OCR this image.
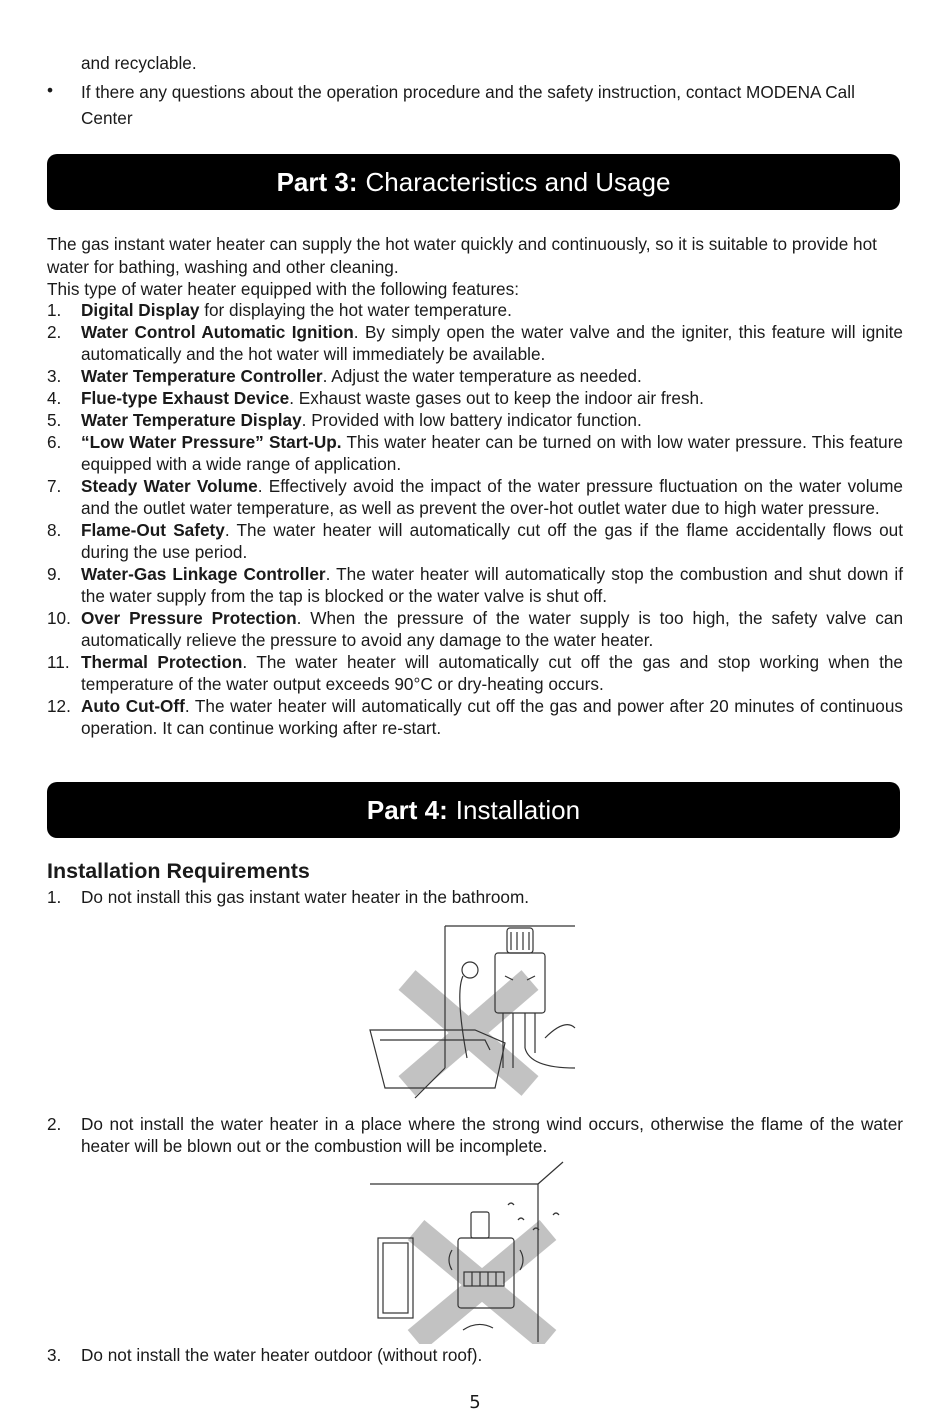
and recyclable.
•	If there any questions about the operation procedure and the safety instruction, contact MODENA Call Center
Part 3: Characteristics and Usage
The gas instant water heater can supply the hot water quickly and continuously, so it is suitable to provide hot water for bathing, washing and other cleaning.
This type of water heater equipped with the following features:
1. Digital Display for displaying the hot water temperature.
2. Water Control Automatic Ignition. By simply open the water valve and the igniter, this feature will ignite automatically and the hot water will immediately be available.
3. Water Temperature Controller. Adjust the water temperature as needed.
4. Flue-type Exhaust Device. Exhaust waste gases out to keep the indoor air fresh.
5. Water Temperature Display. Provided with low battery indicator function.
6. “Low Water Pressure” Start-Up. This water heater can be turned on with low water pressure. This feature equipped with a wide range of application.
7. Steady Water Volume. Effectively avoid the impact of the water pressure fluctuation on the water volume and the outlet water temperature, as well as prevent the over-hot outlet water due to high water pressure.
8. Flame-Out Safety. The water heater will automatically cut off the gas if the flame accidentally flows out during the use period.
9. Water-Gas Linkage Controller. The water heater will automatically stop the combustion and shut down if the water supply from the tap is blocked or the water valve is shut off.
10. Over Pressure Protection. When the pressure of the water supply is too high, the safety valve can automatically relieve the pressure to avoid any damage to the water heater.
11. Thermal Protection. The water heater will automatically cut off the gas and stop working when the temperature of the water output exceeds 90°C or dry-heating occurs.
12. Auto Cut-Off. The water heater will automatically cut off the gas and power after 20 minutes of continuous operation. It can continue working after re-start.
Part 4: Installation
Installation Requirements
1.	Do not install this gas instant water heater in the bathroom.
2.	Do not install the water heater in a place where the strong wind occurs, otherwise the flame of the water heater will be blown out or the combustion will be incomplete.
3.	Do not install the water heater outdoor (without roof).
5
